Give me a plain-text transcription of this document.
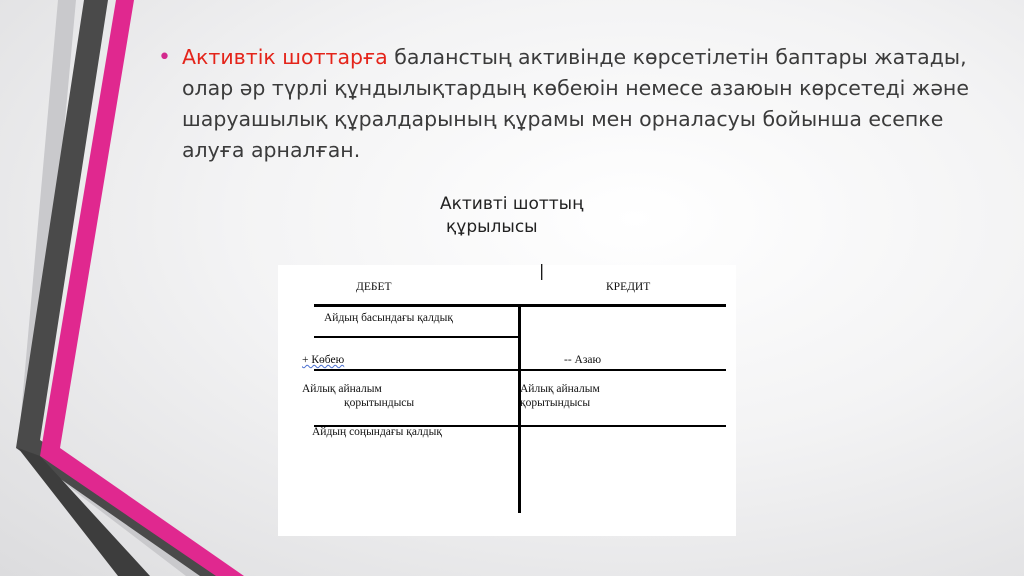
• Активтік шоттарға баланстың активінде көрсетілетін баптары жатады, олар әр түрлі құндылықтардың көбеюін немесе азаюын көрсетеді және шаруашылық құралдарының құрамы мен орналасуы бойынша есепке алуға арналған.
Активті шоттың
құрылысы
|
ДЕБЕТ	КРЕДИТ
Айдың басындағы қалдық
+ Көбею	-- Азаю
Айлық айналым
қорытындысы
Айлық айналым
қорытындысы
Айдың соңындағы қалдық
